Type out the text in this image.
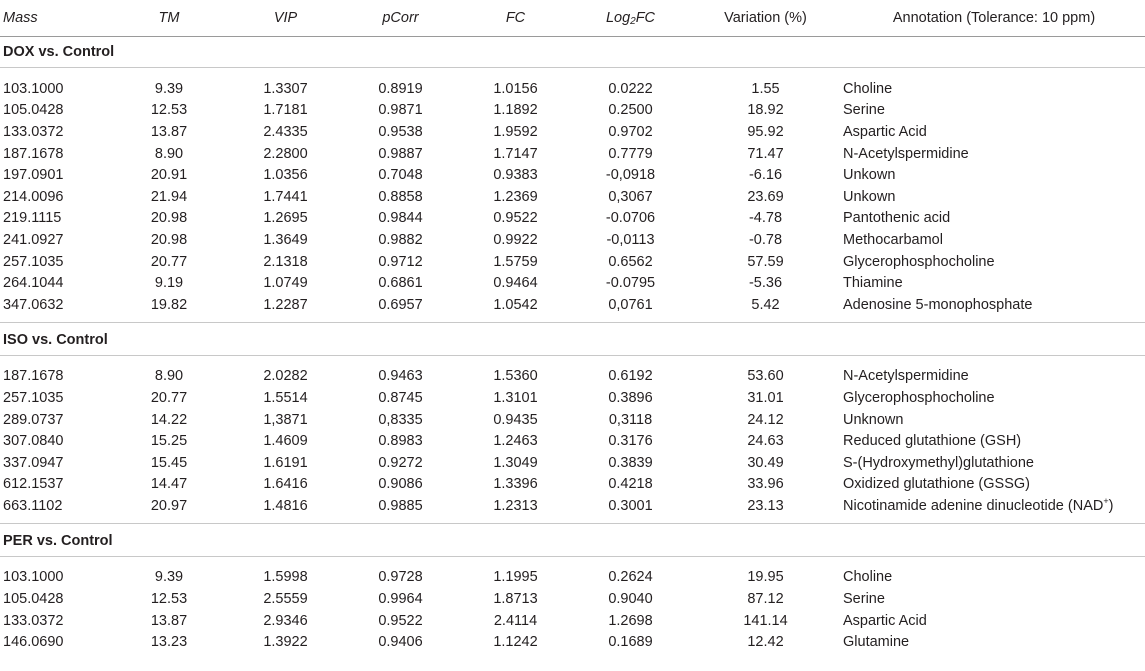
Mass	TM	VIP	pCorr	FC	Log$_2$FC	Variation (%)	Annotation (Tolerance: 10 ppm)
DOX vs. Control							

103.1000	9.39	1.3307	0.8919	1.0156	0.0222	1.55	Choline
105.0428	12.53	1.7181	0.9871	1.1892	0.2500	18.92	Serine
133.0372	13.87	2.4335	0.9538	1.9592	0.9702	95.92	Aspartic Acid
187.1678	8.90	2.2800	0.9887	1.7147	0.7779	71.47	N-Acetylspermidine
197.0901	20.91	1.0356	0.7048	0.9383	-0,0918	-6.16	Unkown
214.0096	21.94	1.7441	0.8858	1.2369	0,3067	23.69	Unkown
219.1115	20.98	1.2695	0.9844	0.9522	-0.0706	-4.78	Pantothenic acid
241.0927	20.98	1.3649	0.9882	0.9922	-0,0113	-0.78	Methocarbamol
257.1035	20.77	2.1318	0.9712	1.5759	0.6562	57.59	Glycerophosphocholine
264.1044	9.19	1.0749	0.6861	0.9464	-0.0795	-5.36	Thiamine
347.0632	19.82	1.2287	0.6957	1.0542	0,0761	5.42	Adenosine 5-monophosphate

ISO vs. Control							

187.1678	8.90	2.0282	0.9463	1.5360	0.6192	53.60	N-Acetylspermidine
257.1035	20.77	1.5514	0.8745	1.3101	0.3896	31.01	Glycerophosphocholine
289.0737	14.22	1,3871	0,8335	0.9435	0,3118	24.12	Unknown
307.0840	15.25	1.4609	0.8983	1.2463	0.3176	24.63	Reduced glutathione (GSH)
337.0947	15.45	1.6191	0.9272	1.3049	0.3839	30.49	S-(Hydroxymethyl)glutathione
612.1537	14.47	1.6416	0.9086	1.3396	0.4218	33.96	Oxidized glutathione (GSSG)
663.1102	20.97	1.4816	0.9885	1.2313	0.3001	23.13	Nicotinamide adenine dinucleotide (NAD+)

PER vs. Control							

103.1000	9.39	1.5998	0.9728	1.1995	0.2624	19.95	Choline
105.0428	12.53	2.5559	0.9964	1.8713	0.9040	87.12	Serine
133.0372	13.87	2.9346	0.9522	2.4114	1.2698	141.14	Aspartic Acid
146.0690	13.23	1.3922	0.9406	1.1242	0.1689	12.42	Glutamine
